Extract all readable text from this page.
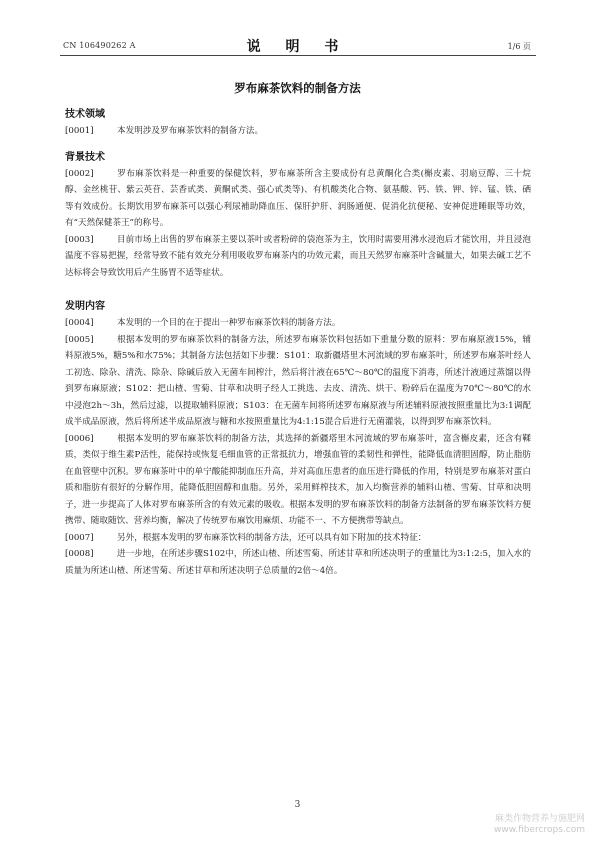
CN 106490262 A	说 明 书	1/6 页
罗布麻茶饮料的制备方法
技术领域

[0001]	本发明涉及罗布麻茶饮料的制备方法。

背景技术

[0002]	罗布麻茶饮料是一种重要的保健饮料，罗布麻茶所含主要成份有总黄酮化合类(槲皮素、羽扇豆醇、三十烷醇、金丝桃苷、紫云英苷、芸香甙类、黄酮甙类、强心甙类等)、有机酸类化合物、氨基酸、钙、铁、钾、锌、锰、铁、硒等有效成份。长期饮用罗布麻茶可以强心利尿補助降血压、保肝护肝、润肠通便、促消化抗便秘、安神促进睡眠等功效，有“天然保健茶王”的称号。

[0003]	目前市场上出售的罗布麻茶主要以茶叶或者粉碎的袋泡茶为主，饮用时需要用沸水浸泡后才能饮用，并且浸泡温度不容易把握，经常导致不能有效充分利用吸收罗布麻茶内的功效元素，而且天然罗布麻茶叶含碱量大，如果去碱工艺不达标将会导致饮用后产生肠胃不适等症状。

发明内容

[0004]	本发明的一个目的在于提出一种罗布麻茶饮料的制备方法。

[0005]	根据本发明的罗布麻茶饮料的制备方法，所述罗布麻茶饮料包括如下重量分数的原料：罗布麻原液15%，辅料原液5%，糖5%和水75%；其制备方法包括如下步骤：S101：取新疆塔里木河流域的罗布麻茶叶，所述罗布麻茶叶经人工初选、除杂、清洗、除杂、除碱后放入无菌车间榨汁，然后将汁液在65℃～80℃的温度下消毒，所述汁液通过蒸馏以得到罗布麻原液；S102：把山楂、雪菊、甘草和决明子经人工挑选、去皮、清洗、烘干、粉碎后在温度为70℃～80℃的水中浸泡2h～3h，然后过滤，以提取辅料原液；S103：在无菌车间将所述罗布麻原液与所述辅料原液按照重量比为3:1调配成半成品原液，然后将所述半成品原液与糖和水按照重量比为4:1:15混合后进行无菌灌装，以得到罗布麻茶饮料。

[0006]	根据本发明的罗布麻茶饮料的制备方法，其选择的新疆塔里木河流域的罗布麻茶叶，富含槲皮素，还含有鞣质，类似于维生素P活性，能保持或恢复毛细血管的正常抵抗力，增强血管的柔韧性和弹性，能降低血清胆固醇，防止脂肪在血管壁中沉积。罗布麻茶叶中的单宁酸能抑制血压升高，并对高血压患者的血压进行降低的作用，特别是罗布麻茶对蛋白质和脂肪有很好的分解作用，能降低胆固醇和血脂。另外，采用鲜榨技术，加入均衡营养的辅料山楂、雪菊、甘草和决明子，进一步提高了人体对罗布麻茶所含的有效元素的吸收。根据本发明的罗布麻茶饮料的制备方法制备的罗布麻茶饮料方便携带、随取随饮、营养均衡，解决了传统罗布麻饮用麻烦、功能不一、不方便携带等缺点。

[0007]	另外，根据本发明的罗布麻茶饮料的制备方法，还可以具有如下附加的技术特征：

[0008]	进一步地，在所述步骤S102中，所述山楂、所述雪菊、所述甘草和所述决明子的重量比为3:1:2:5，加入水的质量为所述山楂、所述雪菊、所述甘草和所述决明子总质量的2倍～4倍。

3
麻类作物营养与施肥网
www.fibercrops.com
